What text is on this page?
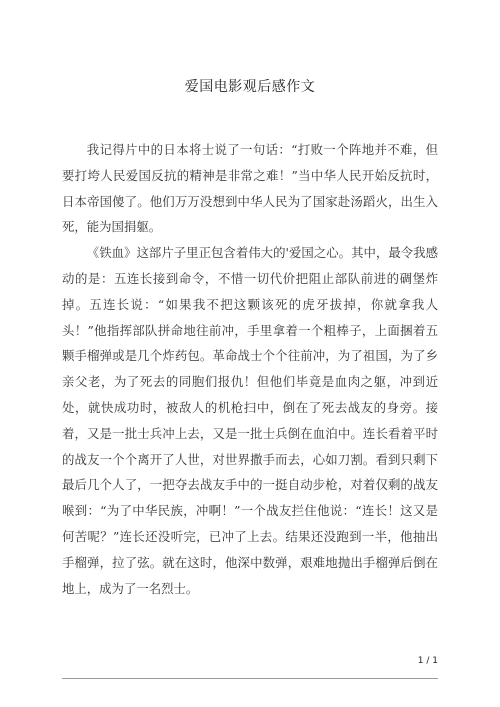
爱国电影观后感作文

我记得片中的日本将士说了一句话：“打败一个阵地并不难，但要打垮人民爱国反抗的精神是非常之难！”当中华人民开始反抗时，日本帝国傻了。他们万万没想到中华人民为了国家赴汤蹈火，出生入死，能为国捐躯。

《铁血》这部片子里正包含着伟大的'爱国之心。其中，最令我感动的是：五连长接到命令，不惜一切代价把阻止部队前进的碉堡炸掉。五连长说：“如果我不把这颗该死的虎牙拔掉，你就拿我人头！”他指挥部队拼命地往前冲，手里拿着一个粗棒子，上面捆着五颗手榴弹或是几个炸药包。革命战士个个往前冲，为了祖国，为了乡亲父老，为了死去的同胞们报仇！但他们毕竟是血肉之躯，冲到近处，就快成功时，被敌人的机枪扫中，倒在了死去战友的身旁。接着，又是一批士兵冲上去，又是一批士兵倒在血泊中。连长看着平时的战友一个个离开了人世，对世界撒手而去，心如刀割。看到只剩下最后几个人了，一把夺去战友手中的一挺自动步枪，对着仅剩的战友喉到：“为了中华民族，冲啊！”一个战友拦住他说：“连长！这又是何苦呢？”连长还没听完，已冲了上去。结果还没跑到一半，他抽出手榴弹，拉了弦。就在这时，他深中数弹，艰难地抛出手榴弹后倒在地上，成为了一名烈士。

1 / 1
